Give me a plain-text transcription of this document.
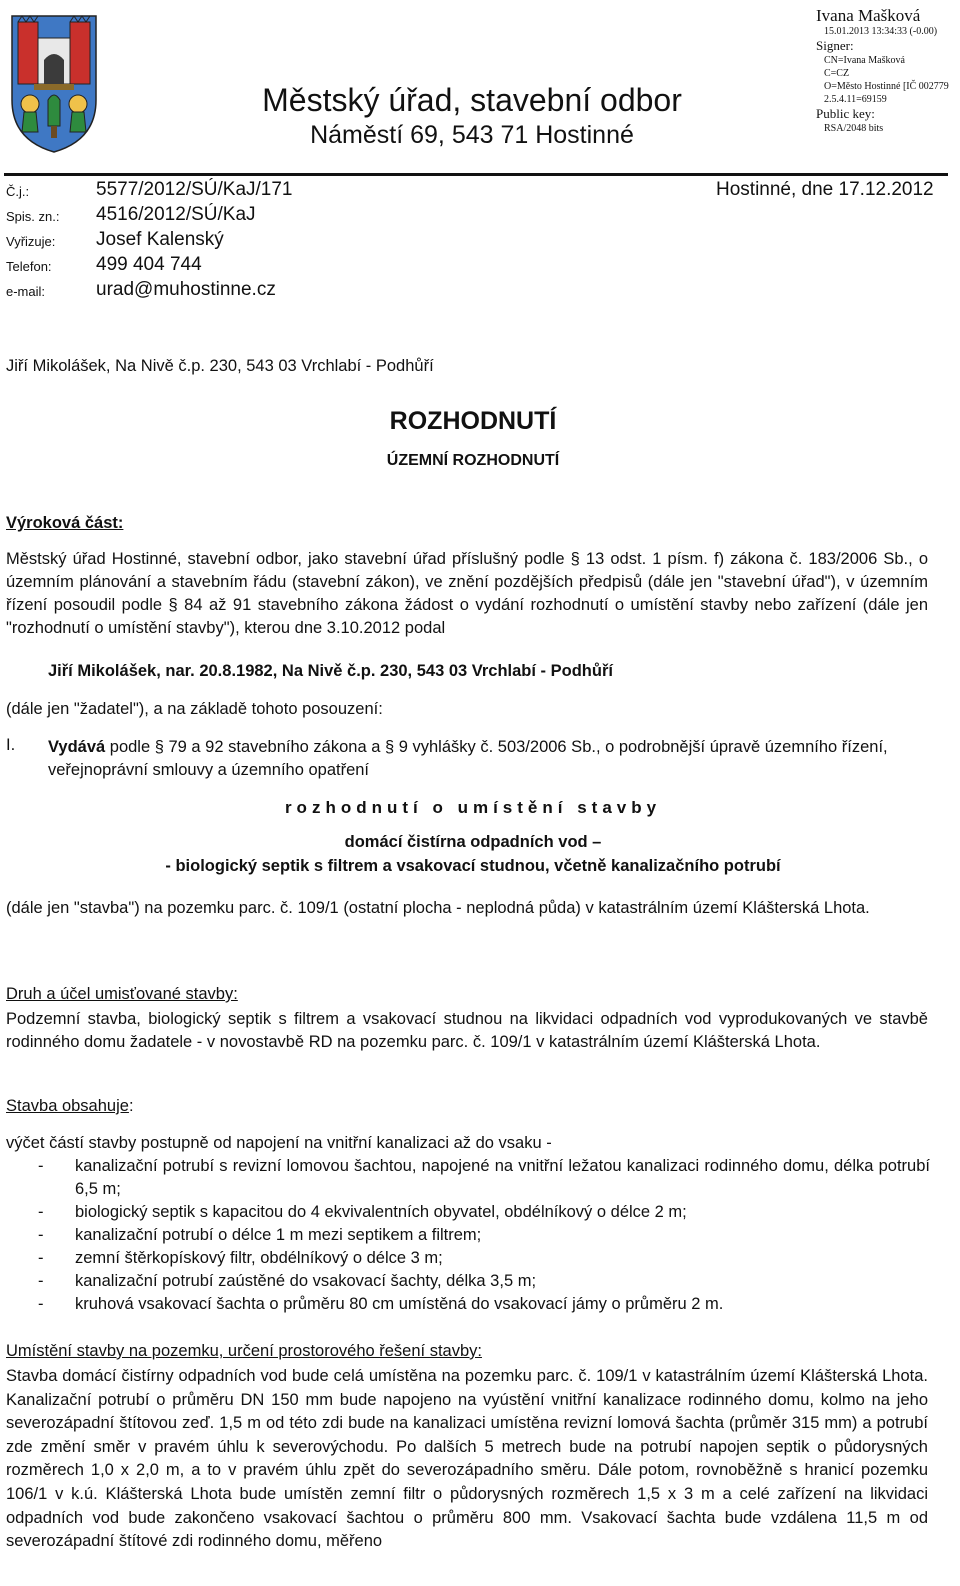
Městský úřad, stavební odbor
Náměstí 69, 543 71 Hostinné
Ivana Mašková
15.01.2013 13:34:33 (-0.00)
Signer:
CN=Ivana Mašková
C=CZ
O=Město Hostinné [IČ 002779
2.5.4.11=69159
Public key:
RSA/2048 bits
Č.j.:	5577/2012/SÚ/KaJ/171
Spis. zn.: 4516/2012/SÚ/KaJ
Vyřizuje: Josef Kalenský
Telefon: 499 404 744
e-mail:	urad@muhostinne.cz
Hostinné, dne 17.12.2012
Jiří Mikolášek, Na Nivě č.p. 230, 543 03 Vrchlabí - Podhůří
ROZHODNUTÍ
ÚZEMNÍ ROZHODNUTÍ
Výroková část:
Městský úřad Hostinné, stavební odbor, jako stavební úřad příslušný podle § 13 odst. 1 písm. f) zákona č. 183/2006 Sb., o územním plánování a stavebním řádu (stavební zákon), ve znění pozdějších předpisů (dále jen "stavební úřad"), v územním řízení posoudil podle § 84 až 91 stavebního zákona žádost o vydání rozhodnutí o umístění stavby nebo zařízení (dále jen "rozhodnutí o umístění stavby"), kterou dne 3.10.2012 podal
Jiří Mikolášek, nar. 20.8.1982, Na Nivě č.p. 230, 543 03 Vrchlabí - Podhůří
(dále jen "žadatel"), a na základě tohoto posouzení:
I. Vydává podle § 79 a 92 stavebního zákona a § 9 vyhlášky č. 503/2006 Sb., o podrobnější úpravě územního řízení, veřejnoprávní smlouvy a územního opatření
rozhodnutí o umístění stavby
domácí čistírna odpadních vod –
- biologický septik s filtrem a vsakovací studnou, včetně kanalizačního potrubí
(dále jen "stavba") na pozemku parc. č. 109/1 (ostatní plocha - neplodná půda) v katastrálním území Klášterská Lhota.
Druh a účel umisťované stavby:
Podzemní stavba, biologický septik s filtrem a vsakovací studnou na likvidaci odpadních vod vyprodukovaných ve stavbě rodinného domu žadatele - v novostavbě RD na pozemku parc. č. 109/1 v katastrálním území Klášterská Lhota.
Stavba obsahuje:
výčet částí stavby postupně od napojení na vnitřní kanalizaci až do vsaku -
- kanalizační potrubí s revizní lomovou šachtou, napojené na vnitřní ležatou kanalizaci rodinného domu, délka potrubí 6,5 m;
- biologický septik s kapacitou do 4 ekvivalentních obyvatel, obdélníkový o délce 2 m;
- kanalizační potrubí o délce 1 m mezi septikem a filtrem;
- zemní štěrkopískový filtr, obdélníkový o délce 3 m;
- kanalizační potrubí zaústěné do vsakovací šachty, délka 3,5 m;
- kruhová vsakovací šachta o průměru 80 cm umístěná do vsakovací jámy o průměru 2 m.
Umístění stavby na pozemku, určení prostorového řešení stavby:
Stavba domácí čistírny odpadních vod bude celá umístěna na pozemku parc. č. 109/1 v katastrálním území Klášterská Lhota. Kanalizační potrubí o průměru DN 150 mm bude napojeno na vyústění vnitřní kanalizace rodinného domu, kolmo na jeho severozápadní štítovou zeď. 1,5 m od této zdi bude na kanalizaci umístěna revizní lomová šachta (průměr 315 mm) a potrubí zde změní směr v pravém úhlu k severovýchodu. Po dalších 5 metrech bude na potrubí napojen septik o půdorysných rozměrech 1,0 x 2,0 m, a to v pravém úhlu zpět do severozápadního směru. Dále potom, rovnoběžně s hranicí pozemku 106/1 v k.ú. Klášterská Lhota bude umístěn zemní filtr o půdorysných rozměrech 1,5 x 3 m a celé zařízení na likvidaci odpadních vod bude zakončeno vsakovací šachtou o průměru 800 mm. Vsakovací šachta bude vzdálena 11,5 m od severozápadní štítové zdi rodinného domu, měřeno
